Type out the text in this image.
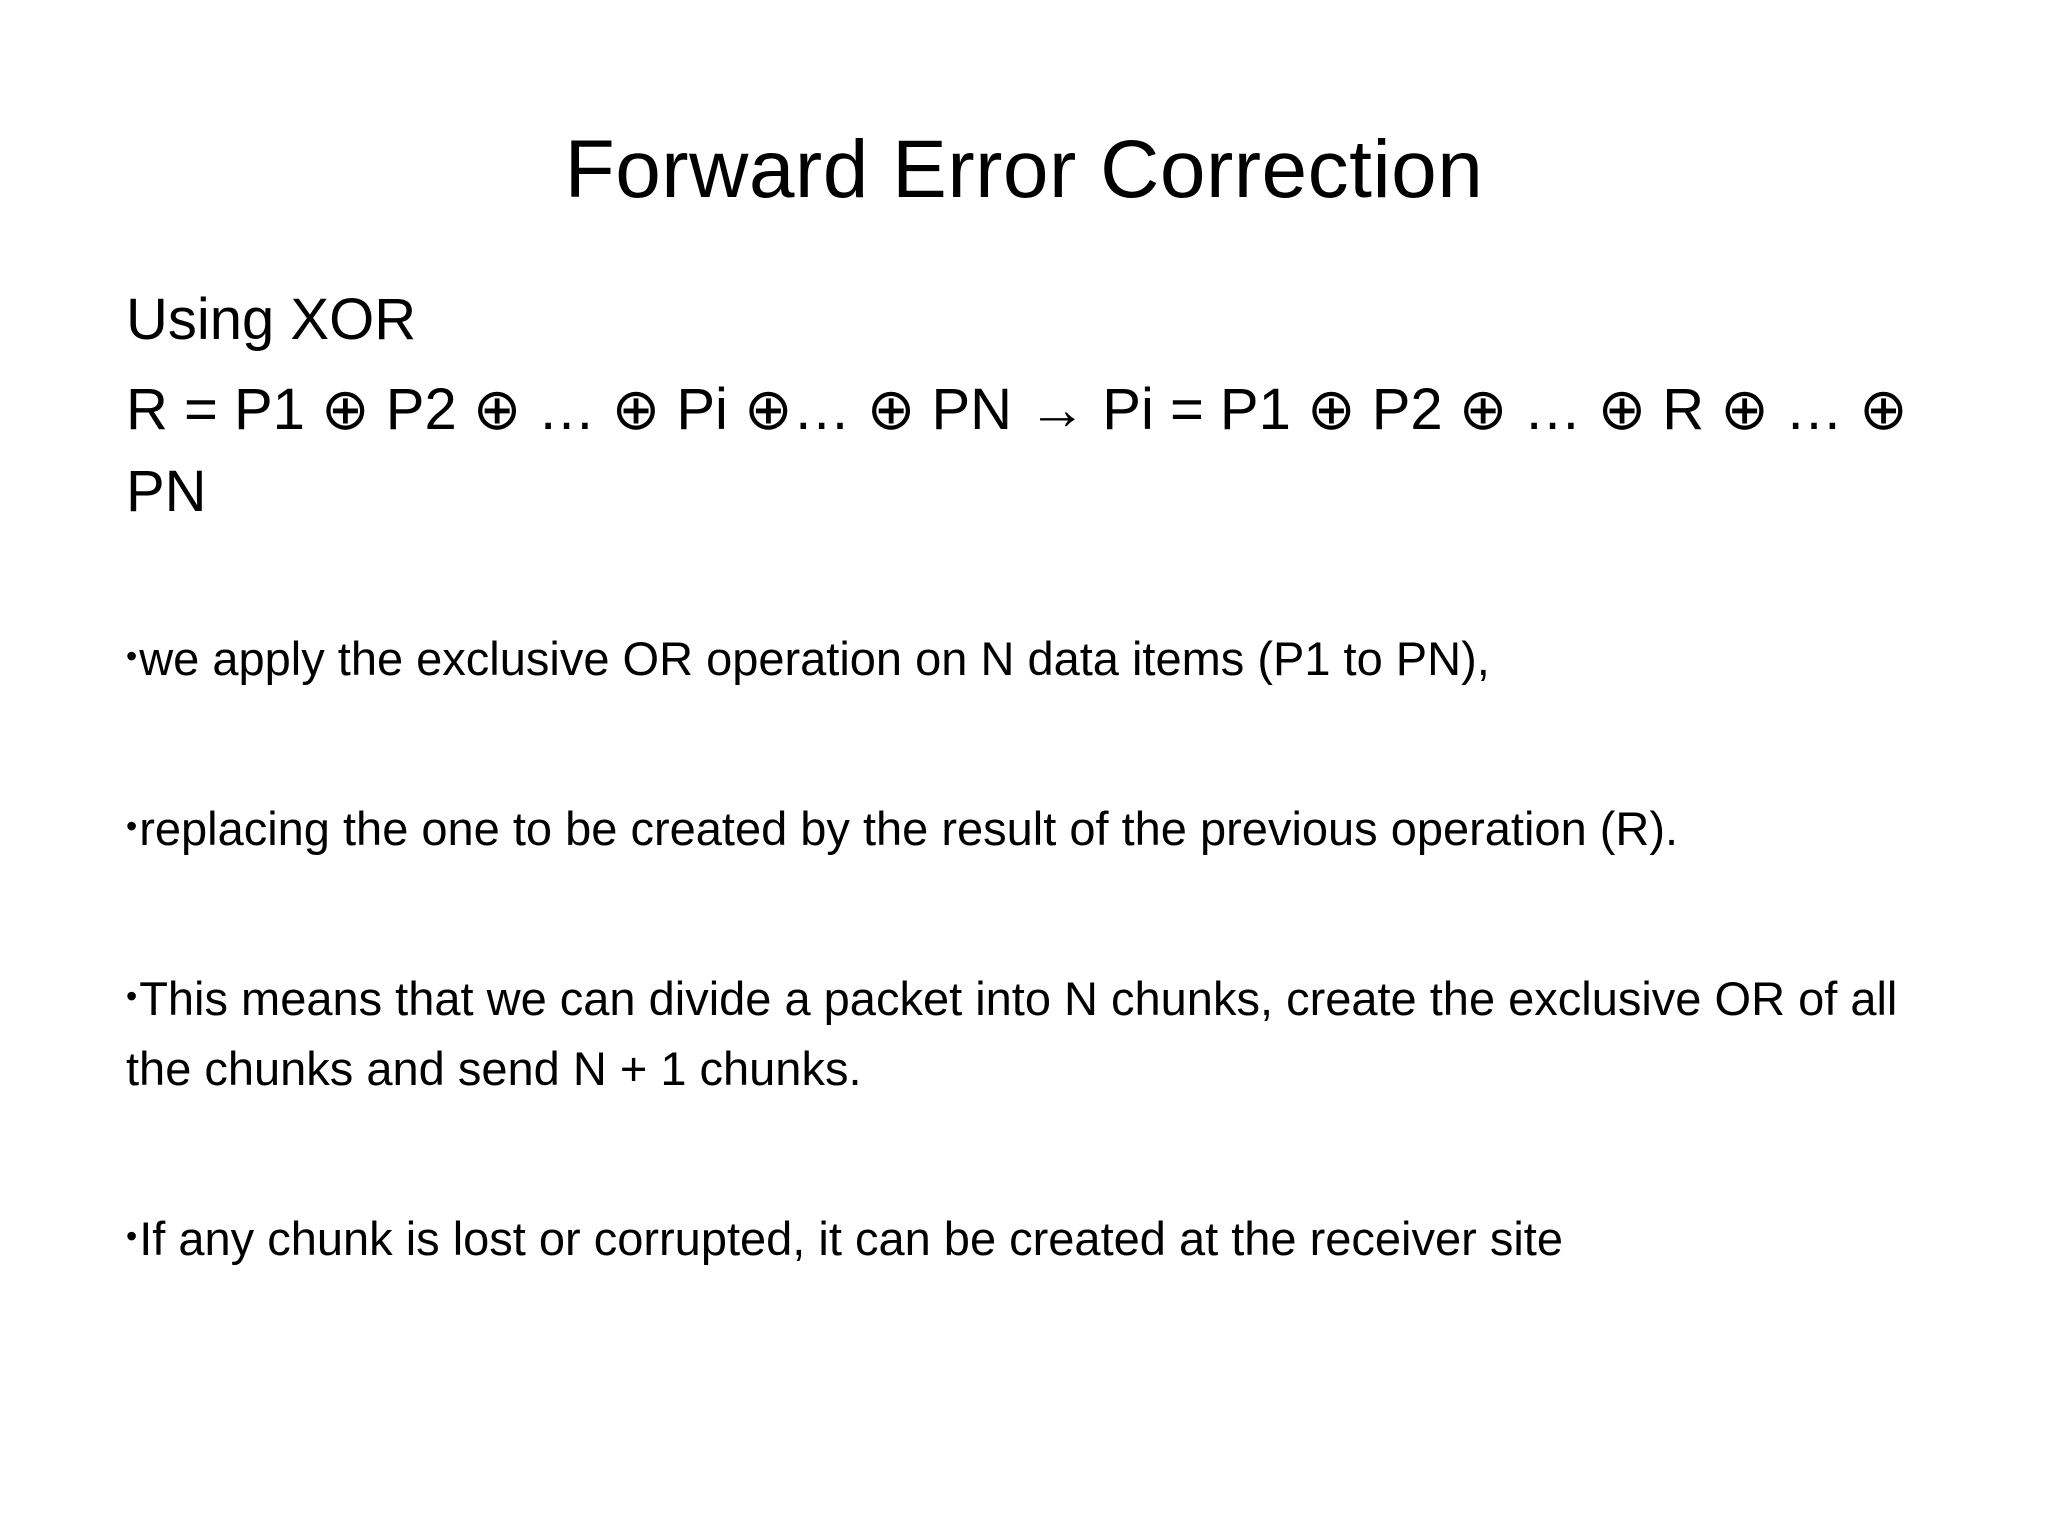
Forward Error Correction

Using XOR

R = P1 ⊕ P2 ⊕ … ⊕ Pi ⊕… ⊕ PN → Pi = P1 ⊕ P2 ⊕ … ⊕ R ⊕ … ⊕ PN

•we apply the exclusive OR operation on N data items (P1 to PN),
•replacing the one to be created by the result of the previous operation (R).
•This means that we can divide a packet into N chunks, create the exclusive OR of all the chunks and send N + 1 chunks.
•If any chunk is lost or corrupted, it can be created at the receiver site
